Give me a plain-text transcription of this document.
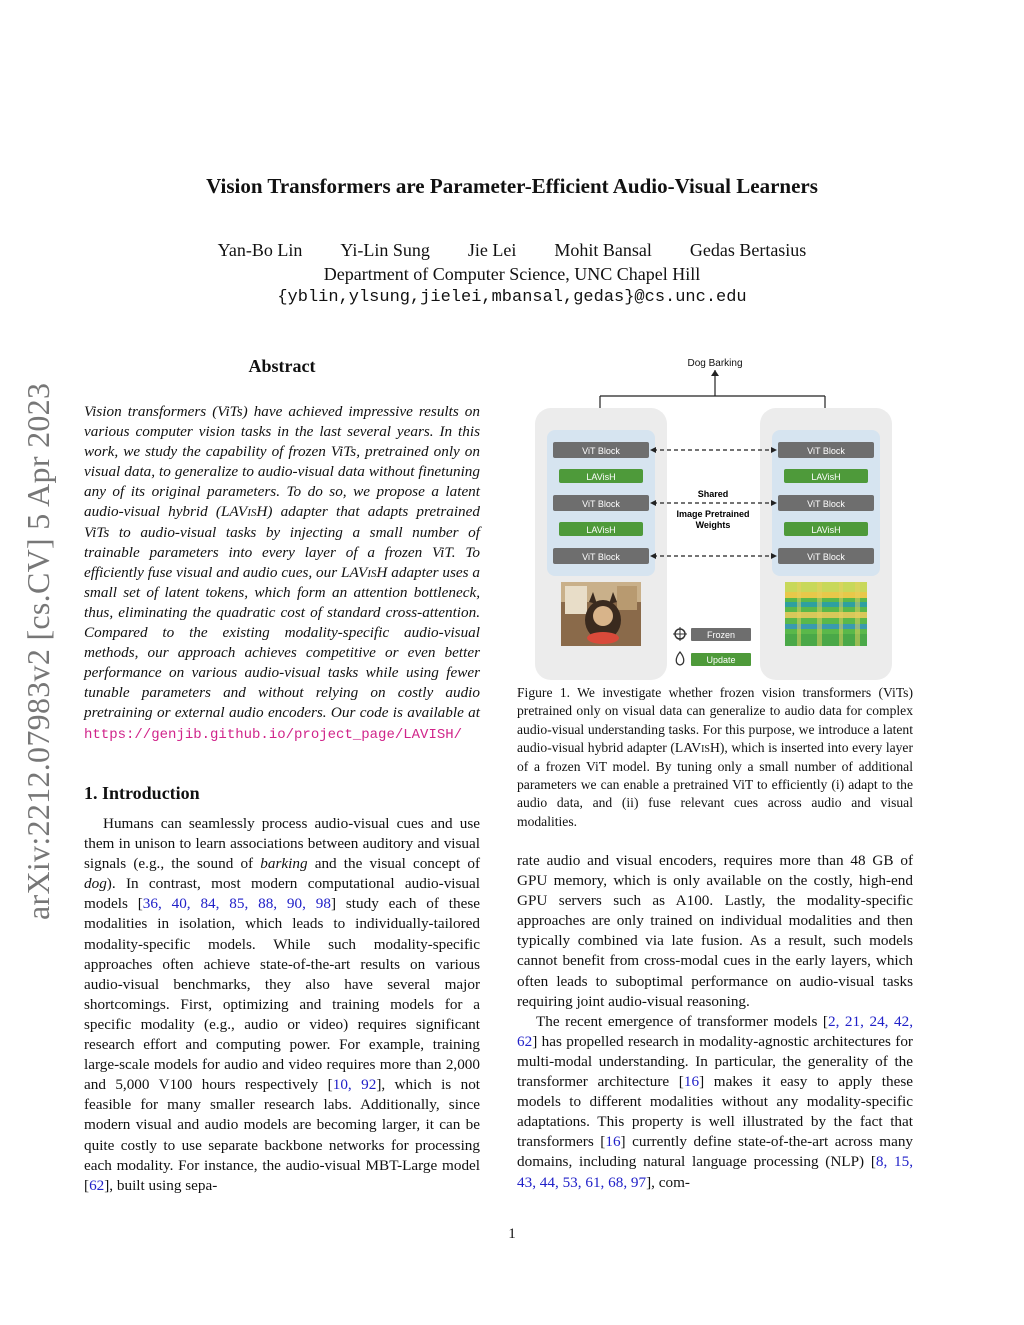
arXiv:2212.07983v2 [cs.CV] 5 Apr 2023
Vision Transformers are Parameter-Efficient Audio-Visual Learners
Yan-Bo Lin Yi-Lin Sung Jie Lei Mohit Bansal Gedas Bertasius
Department of Computer Science, UNC Chapel Hill
{yblin,ylsung,jielei,mbansal,gedas}@cs.unc.edu
Abstract

Vision transformers (ViTs) have achieved impressive results on various computer vision tasks in the last several years. In this work, we study the capability of frozen ViTs, pretrained only on visual data, to generalize to audio-visual data without finetuning any of its original parameters. To do so, we propose a latent audio-visual hybrid (LAVisH) adapter that adapts pretrained ViTs to audio-visual tasks by injecting a small number of trainable parameters into every layer of a frozen ViT. To efficiently fuse visual and audio cues, our LAVisH adapter uses a small set of latent tokens, which form an attention bottleneck, thus, eliminating the quadratic cost of standard cross-attention. Compared to the existing modality-specific audio-visual methods, our approach achieves competitive or even better performance on various audio-visual tasks while using fewer tunable parameters and without relying on costly audio pretraining or external audio encoders. Our code is available at https://genjib.github.io/project_page/LAVISH/

1. Introduction

Humans can seamlessly process audio-visual cues and use them in unison to learn associations between auditory and visual signals (e.g., the sound of barking and the visual concept of dog). In contrast, most modern computational audio-visual models [36, 40, 84, 85, 88, 90, 98] study each of these modalities in isolation, which leads to individually-tailored modality-specific models. While such modality-specific approaches often achieve state-of-the-art results on various audio-visual benchmarks, they also have several major shortcomings. First, optimizing and training models for a specific modality (e.g., audio or video) requires significant research effort and computing power. For example, training large-scale models for audio and video requires more than 2,000 and 5,000 V100 hours respectively [10, 92], which is not feasible for many smaller research labs. Additionally, since modern visual and audio models are becoming larger, it can be quite costly to use separate backbone networks for processing each modality. For instance, the audio-visual MBT-Large model [62], built using sepa-

rate audio and visual encoders, requires more than 48 GB of GPU memory, which is only available on the costly, high-end GPU servers such as A100. Lastly, the modality-specific approaches are only trained on individual modalities and then typically combined via late fusion. As a result, such models cannot benefit from cross-modal cues in the early layers, which often leads to suboptimal performance on audio-visual tasks requiring joint audio-visual reasoning.

The recent emergence of transformer models [2, 21, 24, 42, 62] has propelled research in modality-agnostic architectures for multi-modal understanding. In particular, the generality of the transformer architecture [16] makes it easy to apply these models to different modalities without any modality-specific adaptations. This property is well illustrated by the fact that transformers [16] currently define state-of-the-art across many domains, including natural language processing (NLP) [8, 15, 43, 44, 53, 61, 68, 97], com-

Dog Barking
ViT Block
LAVisH
ViT Block
LAVisH
ViT Block
ViT Block
LAVisH
ViT Block
LAVisH
ViT Block
Shared
Image Pretrained
Weights
Frozen
Update

Figure 1. We investigate whether frozen vision transformers (ViTs) pretrained only on visual data can generalize to audio data for complex audio-visual understanding tasks. For this purpose, we introduce a latent audio-visual hybrid adapter (LAVisH), which is inserted into every layer of a frozen ViT model. By tuning only a small number of additional parameters we can enable a pretrained ViT to efficiently (i) adapt to the audio data, and (ii) fuse relevant cues across audio and visual modalities.

1
